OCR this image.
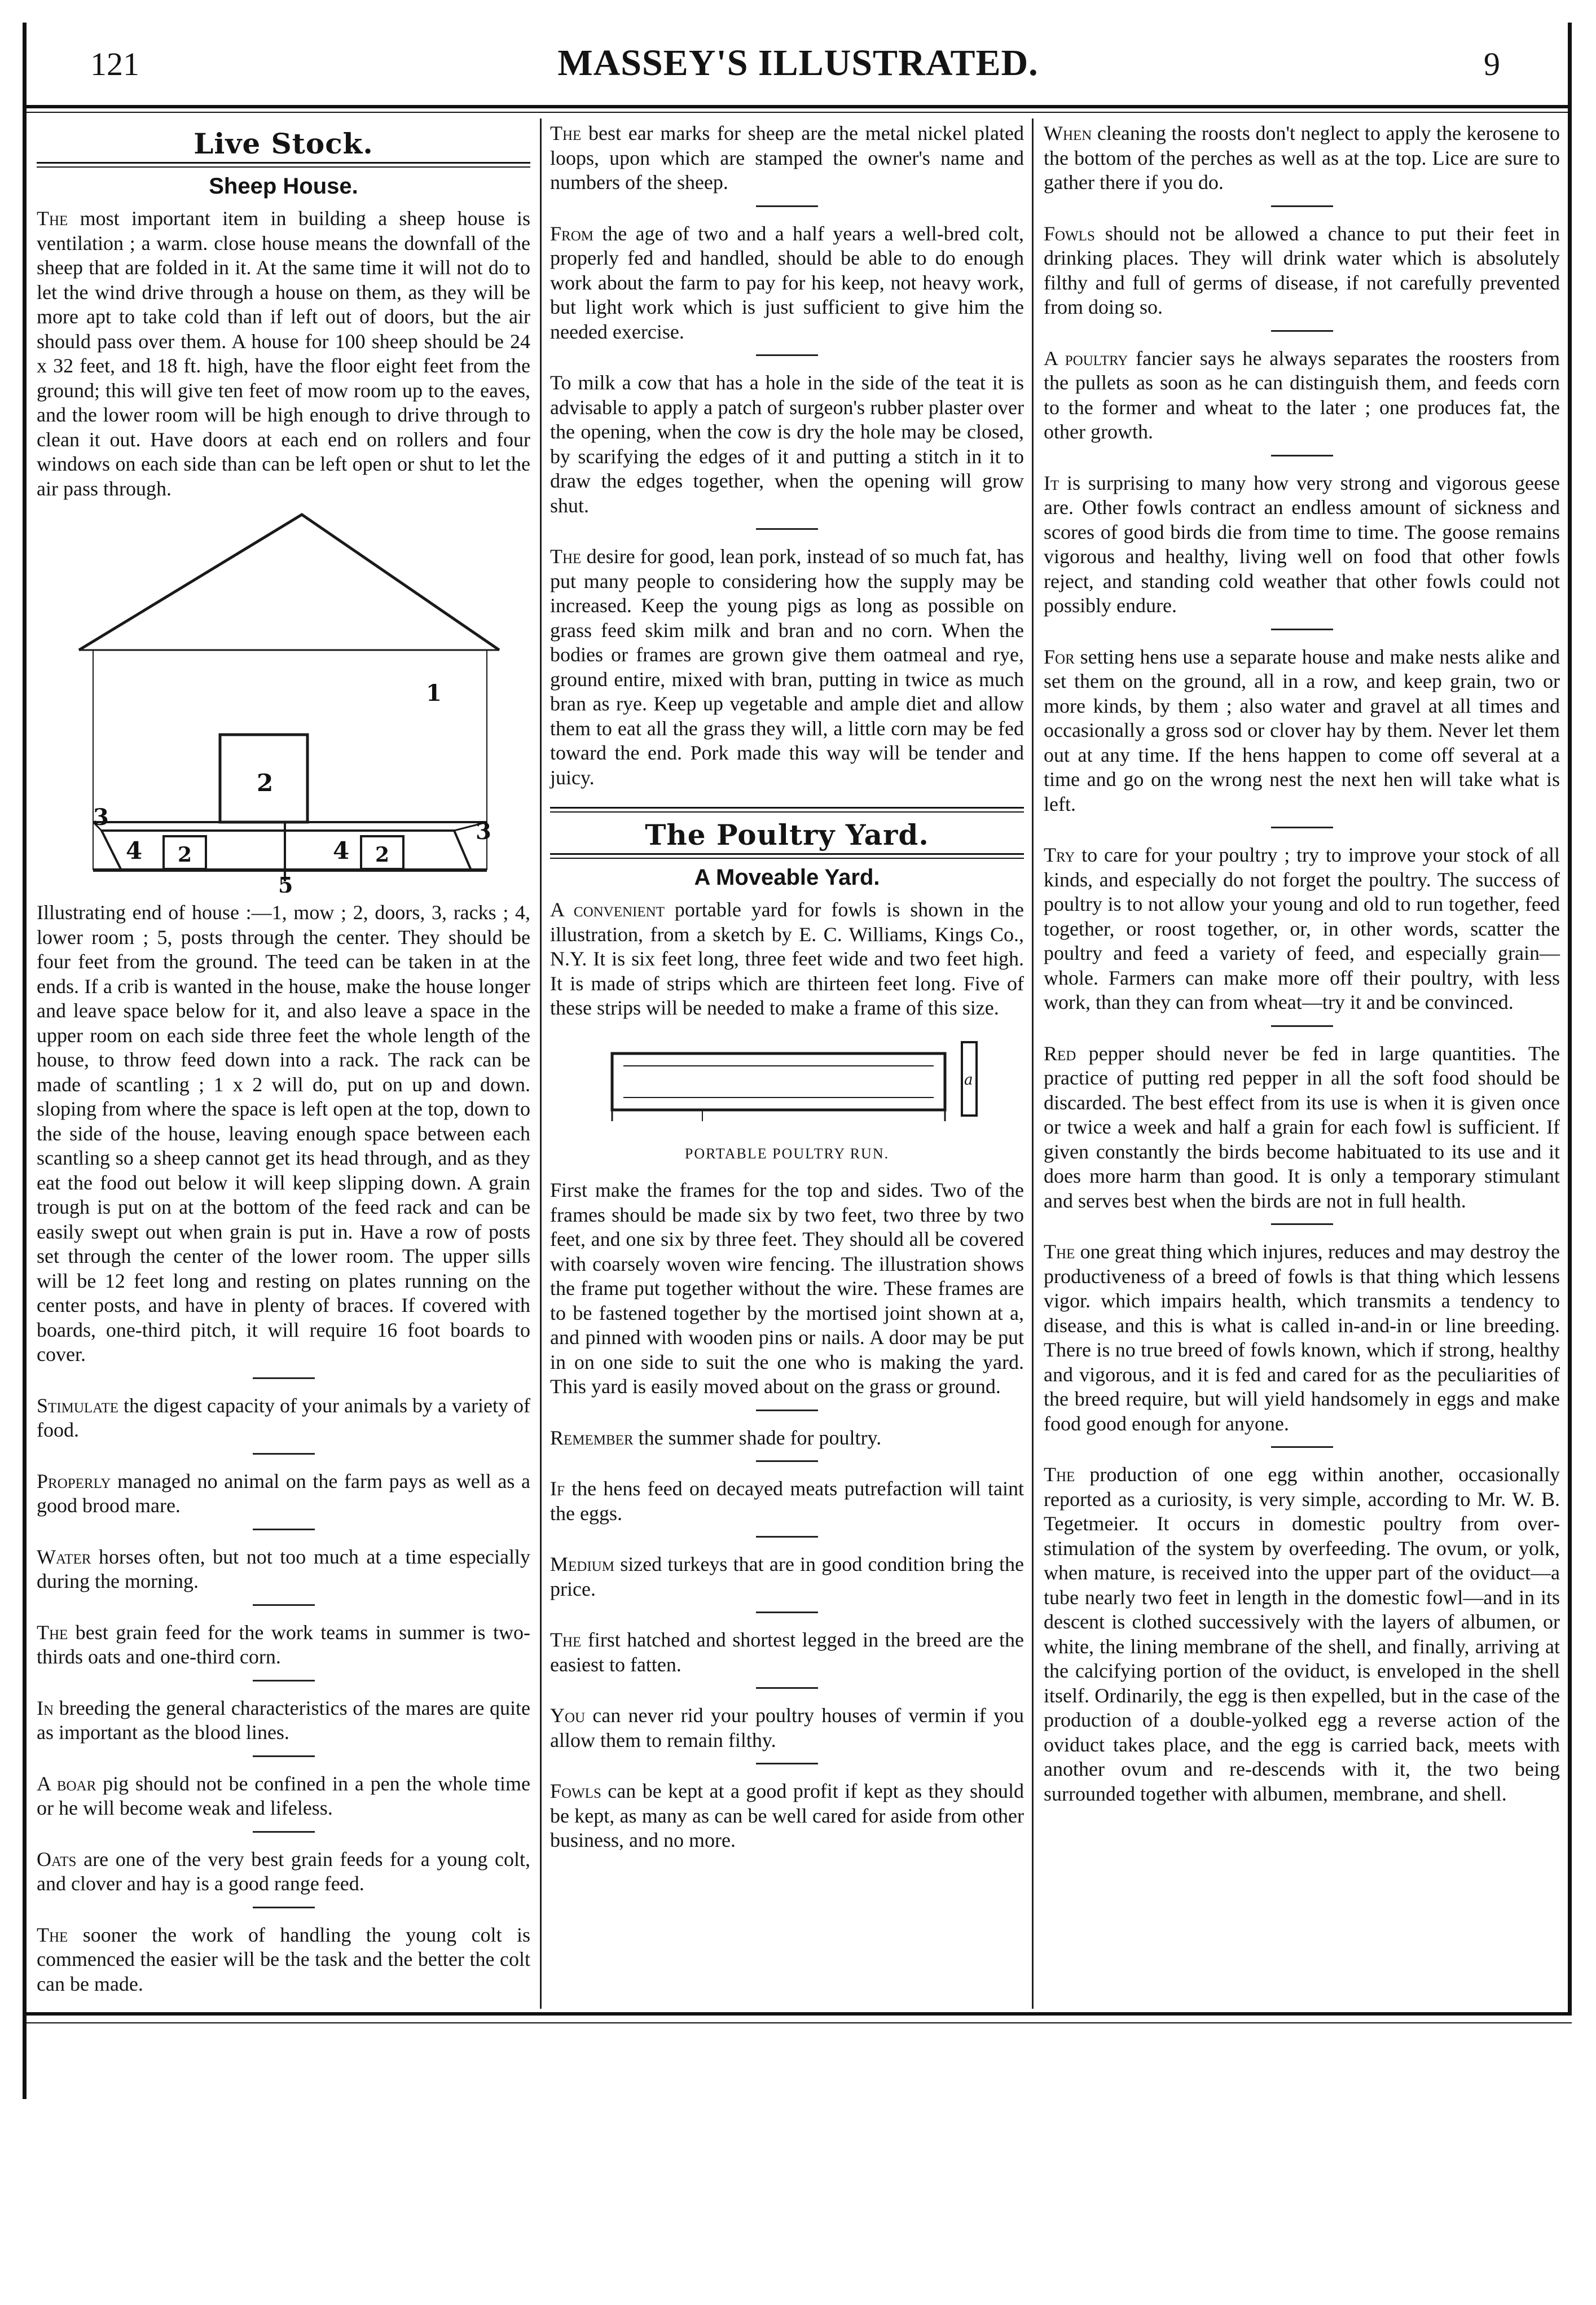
121	MASSEY'S ILLUSTRATED.	9
Live Stock.
Sheep House.

The most important item in building a sheep house is ventilation ; a warm. close house means the downfall of the sheep that are folded in it. At the same time it will not do to let the wind drive through a house on them, as they will be more apt to take cold than if left out of doors, but the air should pass over them. A house for 100 sheep should be 24 x 32 feet, and 18 ft. high, have the floor eight feet from the ground; this will give ten feet of mow room up to the eaves, and the lower room will be high enough to drive through to clean it out. Have doors at each end on rollers and four windows on each side than can be left open or shut to let the air pass through.

1
2
2	2
3
3
4	4
5

Illustrating end of house :—1, mow ; 2, doors, 3, racks ; 4, lower room ; 5, posts through the center. They should be four feet from the ground. The teed can be taken in at the ends. If a crib is wanted in the house, make the house longer and leave space below for it, and also leave a space in the upper room on each side three feet the whole length of the house, to throw feed down into a rack. The rack can be made of scantling ; 1 x 2 will do, put on up and down. sloping from where the space is left open at the top, down to the side of the house, leaving enough space between each scantling so a sheep cannot get its head through, and as they eat the food out below it will keep slipping down. A grain trough is put on at the bottom of the feed rack and can be easily swept out when grain is put in. Have a row of posts set through the center of the lower room. The upper sills will be 12 feet long and resting on plates running on the center posts, and have in plenty of braces. If covered with boards, one-third pitch, it will require 16 foot boards to cover.

Stimulate the digest capacity of your animals by a variety of food.

Properly managed no animal on the farm pays as well as a good brood mare.

Water horses often, but not too much at a time especially during the morning.

The best grain feed for the work teams in summer is two-thirds oats and one-third corn.

In breeding the general characteristics of the mares are quite as important as the blood lines.

A boar pig should not be confined in a pen the whole time or he will become weak and lifeless.

Oats are one of the very best grain feeds for a young colt, and clover and hay is a good range feed.

The sooner the work of handling the young colt is commenced the easier will be the task and the better the colt can be made.

The best ear marks for sheep are the metal nickel plated loops, upon which are stamped the owner's name and numbers of the sheep.

From the age of two and a half years a well-bred colt, properly fed and handled, should be able to do enough work about the farm to pay for his keep, not heavy work, but light work which is just sufficient to give him the needed exercise.

To milk a cow that has a hole in the side of the teat it is advisable to apply a patch of surgeon's rubber plaster over the opening, when the cow is dry the hole may be closed, by scarifying the edges of it and putting a stitch in it to draw the edges together, when the opening will grow shut.

The desire for good, lean pork, instead of so much fat, has put many people to considering how the supply may be increased. Keep the young pigs as long as possible on grass feed skim milk and bran and no corn. When the bodies or frames are grown give them oatmeal and rye, ground entire, mixed with bran, putting in twice as much bran as rye. Keep up vegetable and ample diet and allow them to eat all the grass they will, a little corn may be fed toward the end. Pork made this way will be tender and juicy.

The Poultry Yard.
A Moveable Yard.

A convenient portable yard for fowls is shown in the illustration, from a sketch by E. C. Williams, Kings Co., N.Y. It is six feet long, three feet wide and two feet high. It is made of strips which are thirteen feet long. Five of these strips will be needed to make a frame of this size.

a
PORTABLE POULTRY RUN.

First make the frames for the top and sides. Two of the frames should be made six by two feet, two three by two feet, and one six by three feet. They should all be covered with coarsely woven wire fencing. The illustration shows the frame put together without the wire. These frames are to be fastened together by the mortised joint shown at a, and pinned with wooden pins or nails. A door may be put in on one side to suit the one who is making the yard. This yard is easily moved about on the grass or ground.

Remember the summer shade for poultry.

If the hens feed on decayed meats putrefaction will taint the eggs.

Medium sized turkeys that are in good condition bring the price.

The first hatched and shortest legged in the breed are the easiest to fatten.

You can never rid your poultry houses of vermin if you allow them to remain filthy.

Fowls can be kept at a good profit if kept as they should be kept, as many as can be well cared for aside from other business, and no more.

When cleaning the roosts don't neglect to apply the kerosene to the bottom of the perches as well as at the top. Lice are sure to gather there if you do.

Fowls should not be allowed a chance to put their feet in drinking places. They will drink water which is absolutely filthy and full of germs of disease, if not carefully prevented from doing so.

A poultry fancier says he always separates the roosters from the pullets as soon as he can distinguish them, and feeds corn to the former and wheat to the later ; one produces fat, the other growth.

It is surprising to many how very strong and vigorous geese are. Other fowls contract an endless amount of sickness and scores of good birds die from time to time. The goose remains vigorous and healthy, living well on food that other fowls reject, and standing cold weather that other fowls could not possibly endure.

For setting hens use a separate house and make nests alike and set them on the ground, all in a row, and keep grain, two or more kinds, by them ; also water and gravel at all times and occasionally a gross sod or clover hay by them. Never let them out at any time. If the hens happen to come off several at a time and go on the wrong nest the next hen will take what is left.

Try to care for your poultry ; try to improve your stock of all kinds, and especially do not forget the poultry. The success of poultry is to not allow your young and old to run together, feed together, or roost together, or, in other words, scatter the poultry and feed a variety of feed, and especially grain—whole. Farmers can make more off their poultry, with less work, than they can from wheat—try it and be convinced.

Red pepper should never be fed in large quantities. The practice of putting red pepper in all the soft food should be discarded. The best effect from its use is when it is given once or twice a week and half a grain for each fowl is sufficient. If given constantly the birds become habituated to its use and it does more harm than good. It is only a temporary stimulant and serves best when the birds are not in full health.

The one great thing which injures, reduces and may destroy the productiveness of a breed of fowls is that thing which lessens vigor. which impairs health, which transmits a tendency to disease, and this is what is called in-and-in or line breeding. There is no true breed of fowls known, which if strong, healthy and vigorous, and it is fed and cared for as the peculiarities of the breed require, but will yield handsomely in eggs and make food good enough for anyone.

The production of one egg within another, occasionally reported as a curiosity, is very simple, according to Mr. W. B. Tegetmeier. It occurs in domestic poultry from over-stimulation of the system by overfeeding. The ovum, or yolk, when mature, is received into the upper part of the oviduct—a tube nearly two feet in length in the domestic fowl—and in its descent is clothed successively with the layers of albumen, or white, the lining membrane of the shell, and finally, arriving at the calcifying portion of the oviduct, is enveloped in the shell itself. Ordinarily, the egg is then expelled, but in the case of the production of a double-yolked egg a reverse action of the oviduct takes place, and the egg is carried back, meets with another ovum and re-descends with it, the two being surrounded together with albumen, membrane, and shell.
